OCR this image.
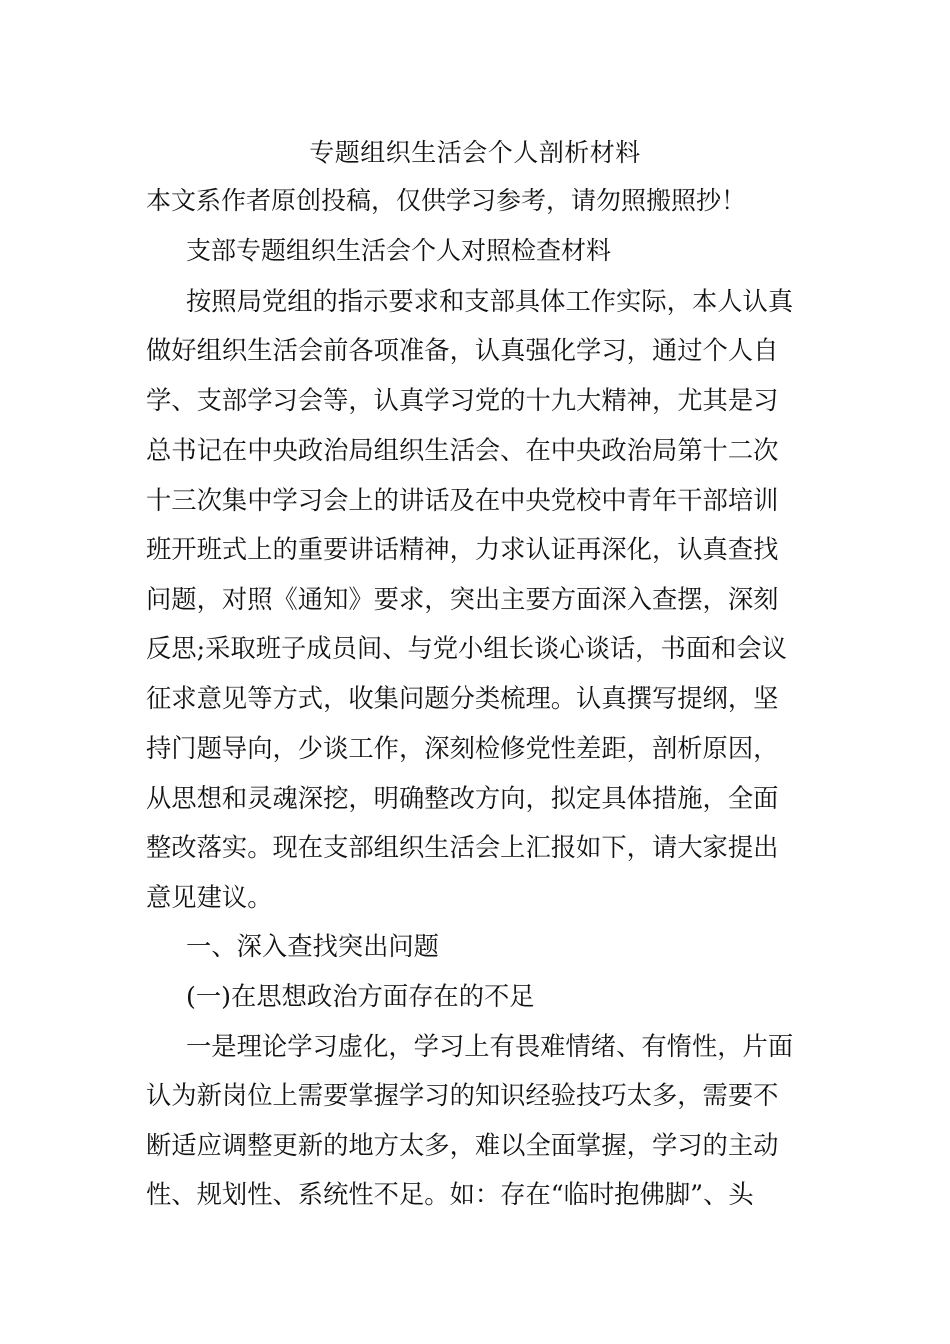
专题组织生活会个人剖析材料
本文系作者原创投稿，仅供学习参考，请勿照搬照抄！
支部专题组织生活会个人对照检查材料
按照局党组的指示要求和支部具体工作实际，本人认真
做好组织生活会前各项准备，认真强化学习，通过个人自
学、支部学习会等，认真学习党的十九大精神，尤其是习
总书记在中央政治局组织生活会、在中央政治局第十二次
十三次集中学习会上的讲话及在中央党校中青年干部培训
班开班式上的重要讲话精神，力求认证再深化，认真查找
问题，对照《通知》要求，突出主要方面深入查摆，深刻
反思;采取班子成员间、与党小组长谈心谈话，书面和会议
征求意见等方式，收集问题分类梳理。认真撰写提纲，坚
持门题导向，少谈工作，深刻检修党性差距，剖析原因，
从思想和灵魂深挖，明确整改方向，拟定具体措施，全面
整改落实。现在支部组织生活会上汇报如下，请大家提出
意见建议。
一、深入查找突出问题
(一)在思想政治方面存在的不足
一是理论学习虚化，学习上有畏难情绪、有惰性，片面
认为新岗位上需要掌握学习的知识经验技巧太多，需要不
断适应调整更新的地方太多，难以全面掌握，学习的主动
性、规划性、系统性不足。如：存在“临时抱佛脚”、头
